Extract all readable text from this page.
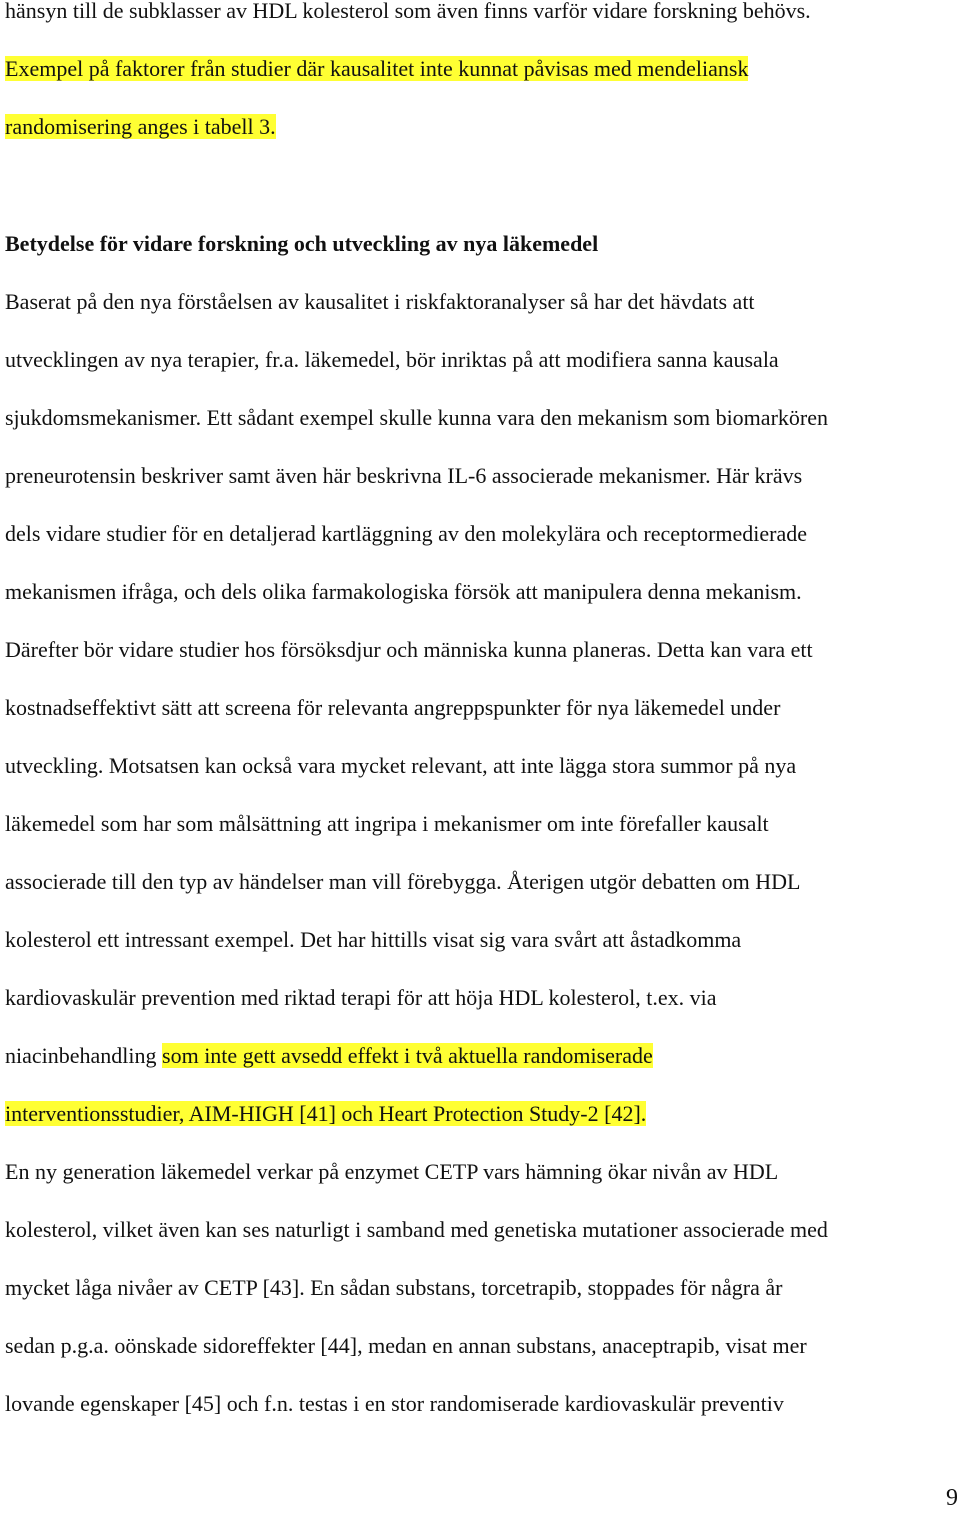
hänsyn till de subklasser av HDL kolesterol som även finns varför vidare forskning behövs.
Exempel på faktorer från studier där kausalitet inte kunnat påvisas med mendeliansk
randomisering anges i tabell 3.
Betydelse för vidare forskning och utveckling av nya läkemedel
Baserat på den nya förståelsen av kausalitet i riskfaktoranalyser så har det hävdats att
utvecklingen av nya terapier, fr.a. läkemedel, bör inriktas på att modifiera sanna kausala
sjukdomsmekanismer. Ett sådant exempel skulle kunna vara den mekanism som biomarkören
preneurotensin beskriver samt även här beskrivna IL-6 associerade mekanismer. Här krävs
dels vidare studier för en detaljerad kartläggning av den molekylära och receptormedierade
mekanismen ifråga, och dels olika farmakologiska försök att manipulera denna mekanism.
Därefter bör vidare studier hos försöksdjur och människa kunna planeras. Detta kan vara ett
kostnadseffektivt sätt att screena för relevanta angreppspunkter för nya läkemedel under
utveckling. Motsatsen kan också vara mycket relevant, att inte lägga stora summor på nya
läkemedel som har som målsättning att ingripa i mekanismer om inte förefaller kausalt
associerade till den typ av händelser man vill förebygga. Återigen utgör debatten om HDL
kolesterol ett intressant exempel. Det har hittills visat sig vara svårt att åstadkomma
kardiovaskulär prevention med riktad terapi för att höja HDL kolesterol, t.ex. via
niacinbehandling som inte gett avsedd effekt i två aktuella randomiserade
interventionsstudier, AIM-HIGH [41] och Heart Protection Study-2 [42].
En ny generation läkemedel verkar på enzymet CETP vars hämning ökar nivån av HDL
kolesterol, vilket även kan ses naturligt i samband med genetiska mutationer associerade med
mycket låga nivåer av CETP [43]. En sådan substans, torcetrapib, stoppades för några år
sedan p.g.a. oönskade sidoreffekter [44], medan en annan substans, anaceptrapib, visat mer
lovande egenskaper [45] och f.n. testas i en stor randomiserade kardiovaskulär preventiv
9
